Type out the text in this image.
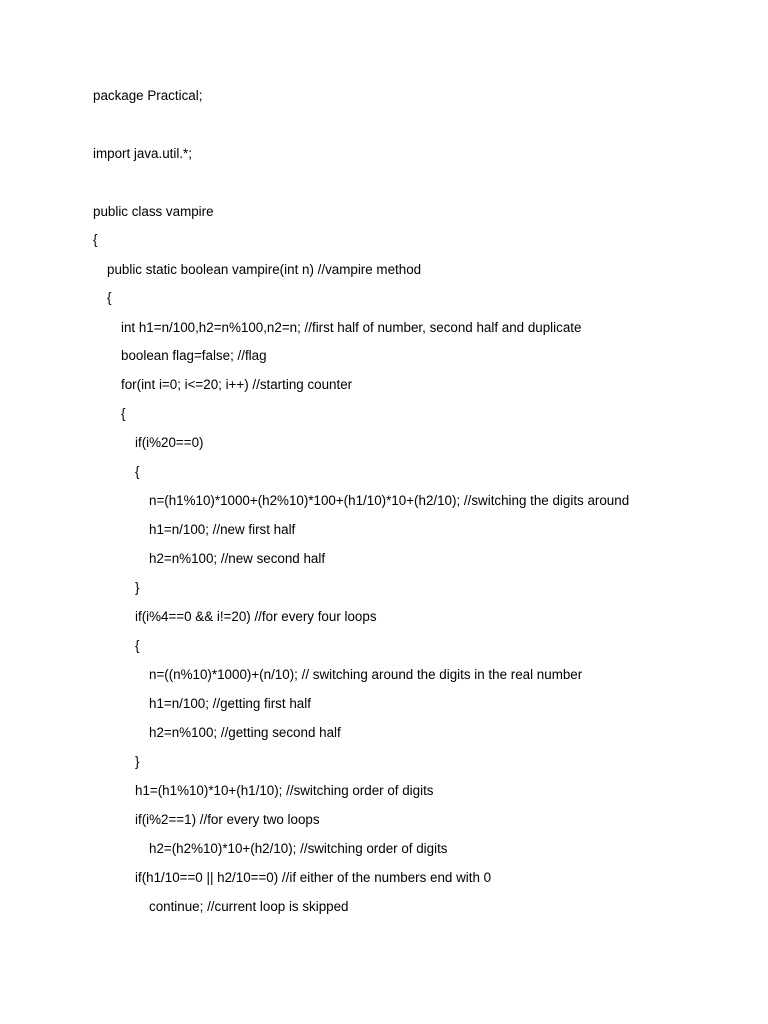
package Practical;
import java.util.*;
public class vampire
{
public static boolean vampire(int n) //vampire method
{
int h1=n/100,h2=n%100,n2=n; //first half of number, second half and duplicate
boolean flag=false; //flag
for(int i=0; i<=20; i++) //starting counter
{
if(i%20==0)
{
n=(h1%10)*1000+(h2%10)*100+(h1/10)*10+(h2/10); //switching the digits around
h1=n/100; //new first half
h2=n%100; //new second half
}
if(i%4==0 && i!=20) //for every four loops
{
n=((n%10)*1000)+(n/10); // switching around the digits in the real number
h1=n/100; //getting first half
h2=n%100; //getting second half
}
h1=(h1%10)*10+(h1/10); //switching order of digits
if(i%2==1) //for every two loops
h2=(h2%10)*10+(h2/10); //switching order of digits
if(h1/10==0 || h2/10==0) //if either of the numbers end with 0
continue; //current loop is skipped
